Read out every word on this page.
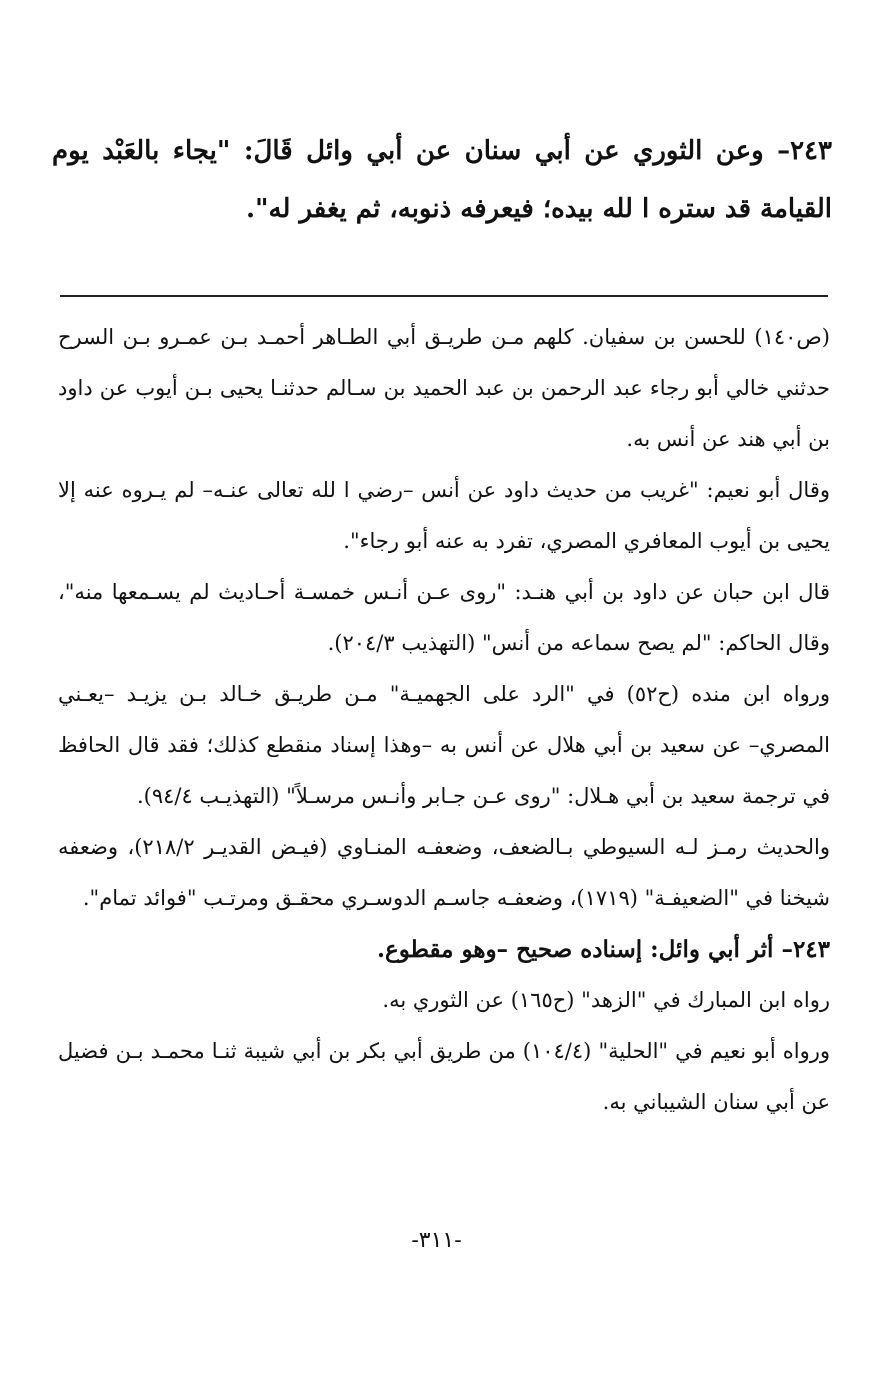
٢٤٣– وعن الثوري عن أبي سنان عن أبي وائل قَالَ: "يجاء بالعَبْد يوم القيامة قد ستره ا لله بيده؛ فيعرفه ذنوبه، ثم يغفر له".

(ص١٤٠) للحسن بن سفيان. كلهم مـن طريـق أبي الطـاهر أحمـد بـن عمـرو بـن السرح حدثني خالي أبو رجاء عبد الرحمن بن عبد الحميد بن سـالم حدثنـا يحيى بـن أيوب عن داود بن أبي هند عن أنس به.

وقال أبو نعيم: "غريب من حديث داود عن أنس –رضي ا لله تعالى عنـه– لم يـروه عنه إلا يحيى بن أيوب المعافري المصري، تفرد به عنه أبو رجاء".

قال ابن حبان عن داود بن أبي هنـد: "روى عـن أنـس خمسـة أحـاديث لم يسـمعها منه"، وقال الحاكم: "لم يصح سماعه من أنس" (التهذيب ٢٠٤/٣).

ورواه ابن منده (ح٥٢) في "الرد على الجهميـة" مـن طريـق خـالد بـن يزيـد –يعـني المصري– عن سعيد بن أبي هلال عن أنس به –وهذا إسناد منقطع كذلك؛ فقد قال الحافظ في ترجمة سعيد بن أبي هـلال: "روى عـن جـابر وأنـس مرسـلاً" (التهذيـب ٩٤/٤).

والحديث رمـز لـه السيوطي بـالضعف، وضعفـه المنـاوي (فيـض القديـر ٢١٨/٢)، وضعفه شيخنا في "الضعيفـة" (١٧١٩)، وضعفـه جاسـم الدوسـري محقـق ومرتـب "فوائد تمام".

٢٤٣– أثر أبي وائل: إسناده صحيح –وهو مقطوع.

رواه ابن المبارك في "الزهد" (ح١٦٥) عن الثوري به.

ورواه أبو نعيم في "الحلية" (١٠٤/٤) من طريق أبي بكر بن أبي شيبة ثنـا محمـد بـن فضيل عن أبي سنان الشيباني به.

-٣١١-
